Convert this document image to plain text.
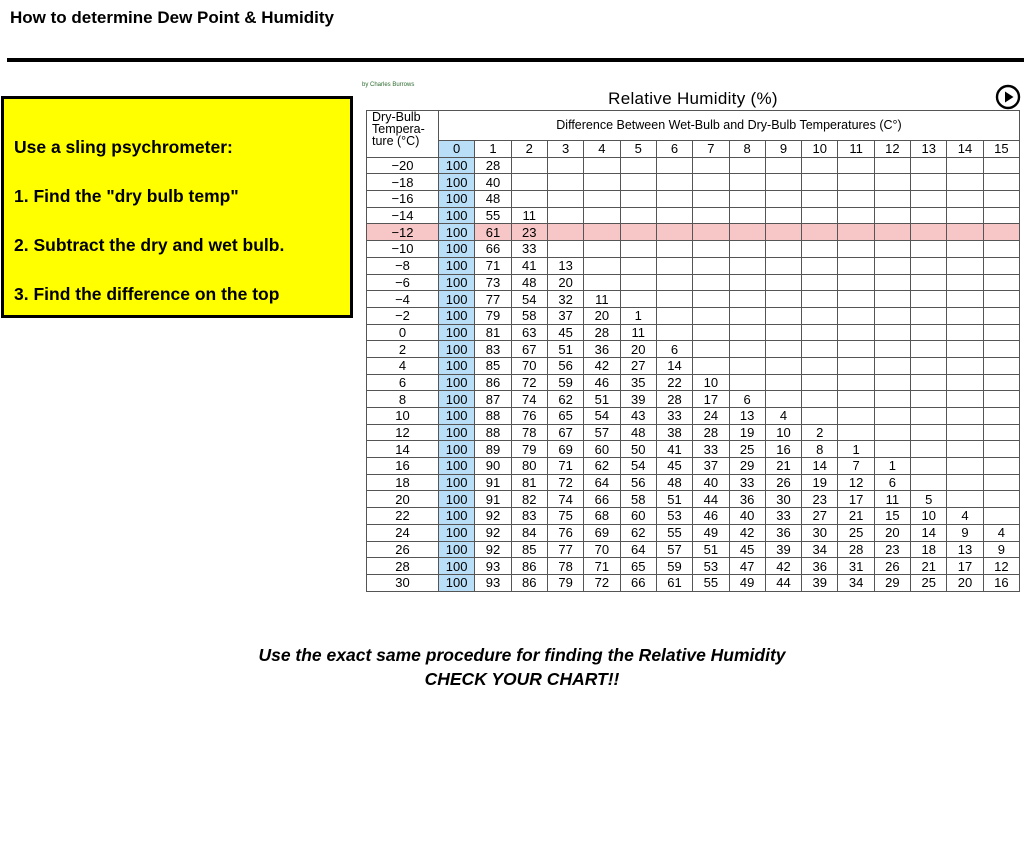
How to determine Dew Point & Humidity

Use a sling psychrometer:

1. Find the "dry bulb temp"

2. Subtract the dry and wet bulb.

3. Find the difference on the top

by Charles Burrows
Relative Humidity (%)
Dry-Bulb
Tempera-
ture (°C)	Difference Between Wet-Bulb and Dry-Bulb Temperatures (C°)															
	0	1	2	3	4	5	6	7	8	9	10	11	12	13	14	15
−20	100	28														
−18	100	40														
−16	100	48														
−14	100	55	11													
−12	100	61	23													
−10	100	66	33													
−8	100	71	41	13												
−6	100	73	48	20												
−4	100	77	54	32	11											
−2	100	79	58	37	20	1										
0	100	81	63	45	28	11										
2	100	83	67	51	36	20	6									
4	100	85	70	56	42	27	14									
6	100	86	72	59	46	35	22	10								
8	100	87	74	62	51	39	28	17	6							
10	100	88	76	65	54	43	33	24	13	4						
12	100	88	78	67	57	48	38	28	19	10	2					
14	100	89	79	69	60	50	41	33	25	16	8	1				
16	100	90	80	71	62	54	45	37	29	21	14	7	1			
18	100	91	81	72	64	56	48	40	33	26	19	12	6			
20	100	91	82	74	66	58	51	44	36	30	23	17	11	5		
22	100	92	83	75	68	60	53	46	40	33	27	21	15	10	4	
24	100	92	84	76	69	62	55	49	42	36	30	25	20	14	9	4
26	100	92	85	77	70	64	57	51	45	39	34	28	23	18	13	9
28	100	93	86	78	71	65	59	53	47	42	36	31	26	21	17	12
30	100	93	86	79	72	66	61	55	49	44	39	34	29	25	20	16
Use the exact same procedure for finding the Relative Humidity
CHECK YOUR CHART!!
